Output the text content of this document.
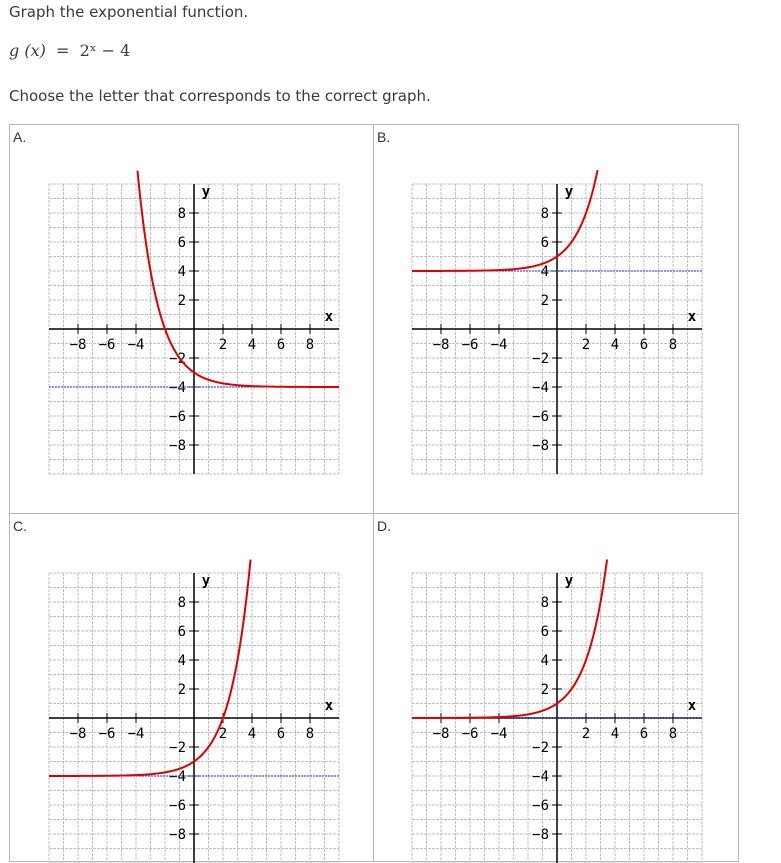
Graph the exponential function.
g (x) = 2ˣ − 4
Choose the letter that corresponds to the correct graph.
A.	B.
C.	D.
−8 −6 −4	2 4 6 8
8
6
4
2
−2
−4
−6
−8
x
y
−8 −6 −4	2 4 6 8
8
6
4
2
−2
−4
−6
−8
x
y
−8 −6 −4	2 4 6 8
8
6
4
2
−2
−4
−6
−8
x
y
−8 −6 −4	2 4 6 8
8
6
4
2
−2
−4
−6
−8
x
y
